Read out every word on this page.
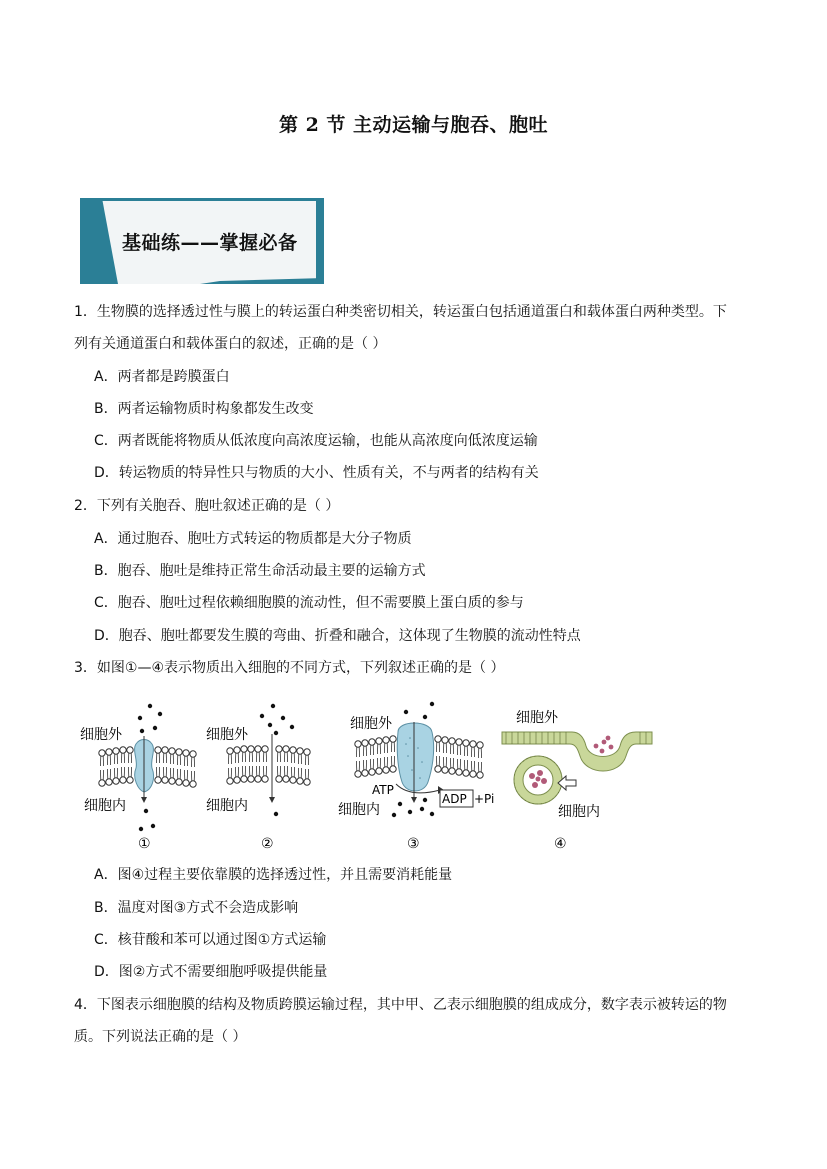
第 2 节 主动运输与胞吞、胞吐
基础练——掌握必备
1．生物膜的选择透过性与膜上的转运蛋白种类密切相关，转运蛋白包括通道蛋白和载体蛋白两种类型。下
列有关通道蛋白和载体蛋白的叙述，正确的是（ ）
A．两者都是跨膜蛋白
B．两者运输物质时构象都发生改变
C．两者既能将物质从低浓度向高浓度运输，也能从高浓度向低浓度运输
D．转运物质的特异性只与物质的大小、性质有关，不与两者的结构有关
2．下列有关胞吞、胞吐叙述正确的是（ ）
A．通过胞吞、胞吐方式转运的物质都是大分子物质
B．胞吞、胞吐是维持正常生命活动最主要的运输方式
C．胞吞、胞吐过程依赖细胞膜的流动性，但不需要膜上蛋白质的参与
D．胞吞、胞吐都要发生膜的弯曲、折叠和融合，这体现了生物膜的流动性特点
3．如图①—④表示物质出入细胞的不同方式，下列叙述正确的是（ ）
细胞外
细胞内
①
细胞外
细胞内
②
细胞外
细胞内
ATP
ADP +Pi
③
细胞外
细胞内
④
A．图④过程主要依靠膜的选择透过性，并且需要消耗能量
B．温度对图③方式不会造成影响
C．核苷酸和苯可以通过图①方式运输
D．图②方式不需要细胞呼吸提供能量
4．下图表示细胞膜的结构及物质跨膜运输过程，其中甲、乙表示细胞膜的组成成分，数字表示被转运的物
质。下列说法正确的是（ ）
